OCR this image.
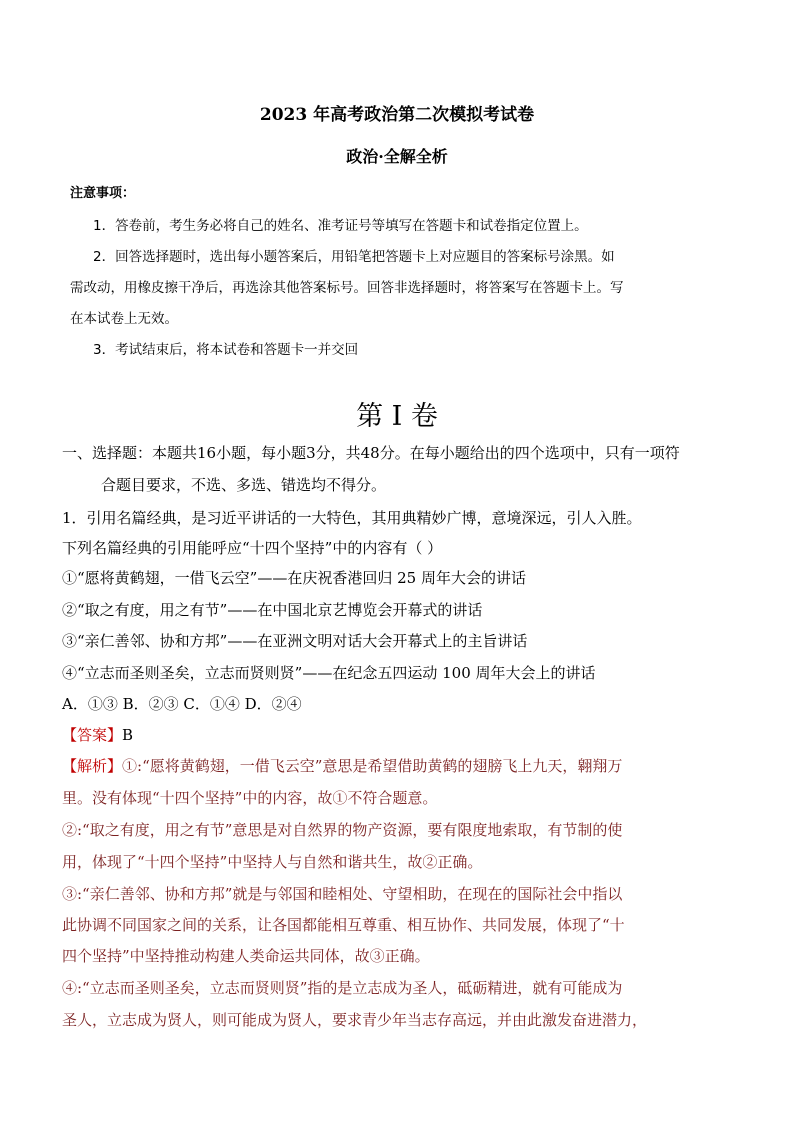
2023 年高考政治第二次模拟考试卷
政治·全解全析
注意事项：
1．答卷前，考生务必将自己的姓名、准考证号等填写在答题卡和试卷指定位置上。
2．回答选择题时，选出每小题答案后，用铅笔把答题卡上对应题目的答案标号涂黑。如
需改动，用橡皮擦干净后，再选涂其他答案标号。回答非选择题时，将答案写在答题卡上。写
在本试卷上无效。
3．考试结束后，将本试卷和答题卡一并交回
第 I 卷
一、选择题：本题共16小题，每小题3分，共48分。在每小题给出的四个选项中，只有一项符
合题目要求，不选、多选、错选均不得分。
1．引用名篇经典，是习近平讲话的一大特色，其用典精妙广博，意境深远，引人入胜。
下列名篇经典的引用能呼应“十四个坚持”中的内容有（ ）
①“愿将黄鹤翅，一借飞云空”——在庆祝香港回归 25 周年大会的讲话
②“取之有度，用之有节”——在中国北京艺博览会开幕式的讲话
③“亲仁善邻、协和方邦”——在亚洲文明对话大会开幕式上的主旨讲话
④“立志而圣则圣矣，立志而贤则贤”——在纪念五四运动 100 周年大会上的讲话
A．①③ B．②③ C．①④ D．②④
【答案】B
【解析】①:“愿将黄鹤翅，一借飞云空”意思是希望借助黄鹤的翅膀飞上九天，翱翔万
里。没有体现“十四个坚持”中的内容，故①不符合题意。
②:“取之有度，用之有节”意思是对自然界的物产资源，要有限度地索取，有节制的使
用，体现了“十四个坚持”中坚持人与自然和谐共生，故②正确。
③:“亲仁善邻、协和方邦”就是与邻国和睦相处、守望相助，在现在的国际社会中指以
此协调不同国家之间的关系，让各国都能相互尊重、相互协作、共同发展，体现了“十
四个坚持”中坚持推动构建人类命运共同体，故③正确。
④:“立志而圣则圣矣，立志而贤则贤”指的是立志成为圣人，砥砺精进，就有可能成为
圣人，立志成为贤人，则可能成为贤人，要求青少年当志存高远，并由此激发奋进潜力，
